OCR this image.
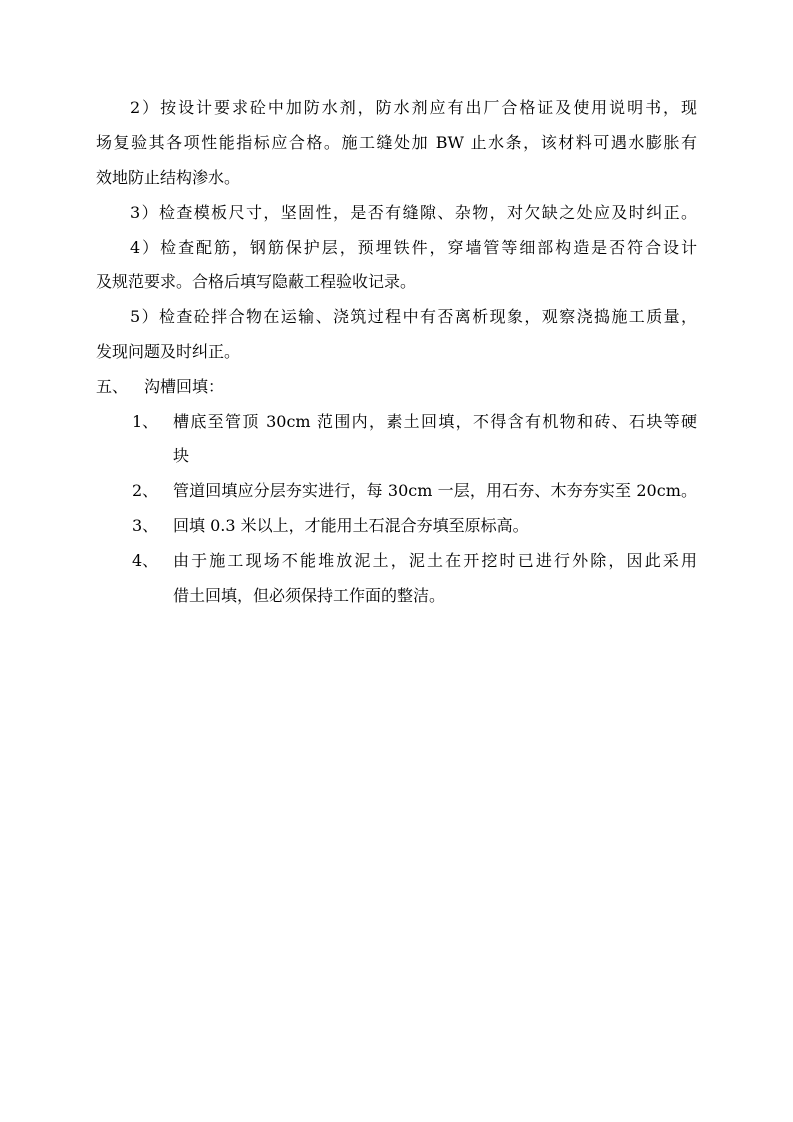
2）按设计要求砼中加防水剂，防水剂应有出厂合格证及使用说明书，现
场复验其各项性能指标应合格。施工缝处加 BW 止水条，该材料可遇水膨胀有
效地防止结构渗水。
3）检查模板尺寸，坚固性，是否有缝隙、杂物，对欠缺之处应及时纠正。
4）检查配筋，钢筋保护层，预埋铁件，穿墙管等细部构造是否符合设计
及规范要求。合格后填写隐蔽工程验收记录。
5）检查砼拌合物在运输、浇筑过程中有否离析现象，观察浇捣施工质量，
发现问题及时纠正。
五、 沟槽回填：
1、 槽底至管顶 30cm 范围内，素土回填，不得含有机物和砖、石块等硬
块
2、 管道回填应分层夯实进行，每 30cm 一层，用石夯、木夯夯实至 20cm。
3、 回填 0.3 米以上，才能用土石混合夯填至原标高。
4、 由于施工现场不能堆放泥土，泥土在开挖时已进行外除，因此采用
借土回填，但必须保持工作面的整洁。
